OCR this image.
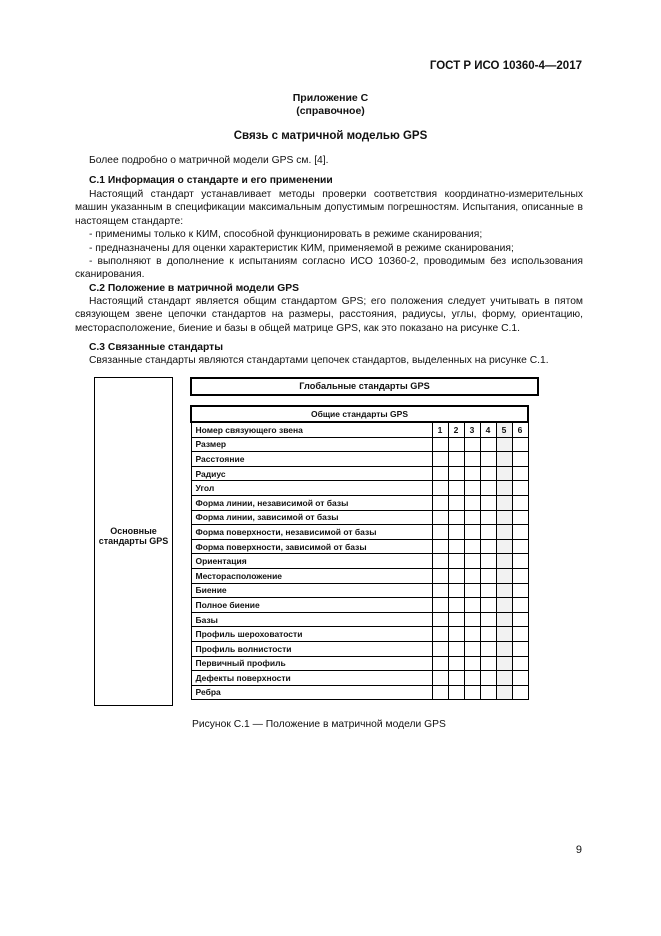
ГОСТ Р ИСО 10360-4—2017
Приложение С
(справочное)
Связь с матричной моделью GPS
Более подробно о матричной модели GPS см. [4].
С.1 Информация о стандарте и его применении
Настоящий стандарт устанавливает методы проверки соответствия координатно-измерительных машин указанным в спецификации максимальным допустимым погрешностям. Испытания, описанные в настоящем стандарте:
- применимы только к КИМ, способной функционировать в режиме сканирования;
- предназначены для оценки характеристик КИМ, применяемой в режиме сканирования;
- выполняют в дополнение к испытаниям согласно ИСО 10360-2, проводимым без использования сканирования.
С.2 Положение в матричной модели GPS
Настоящий стандарт является общим стандартом GPS; его положения следует учитывать в пятом связующем звене цепочки стандартов на размеры, расстояния, радиусы, углы, форму, ориентацию, месторасположение, биение и базы в общей матрице GPS, как это показано на рисунке С.1.
С.3 Связанные стандарты
Связанные стандарты являются стандартами цепочек стандартов, выделенных на рисунке С.1.
Основные стандарты GPS
Глобальные стандарты GPS
Общие стандарты GPS						
Номер связующего звена	1	2	3	4	5	6
Размер						
Расстояние						
Радиус						
Угол						
Форма линии, независимой от базы						
Форма линии, зависимой от базы						
Форма поверхности, независимой от базы						
Форма поверхности, зависимой от базы						
Ориентация						
Месторасположение						
Биение						
Полное биение						
Базы						
Профиль шероховатости						
Профиль волнистости						
Первичный профиль						
Дефекты поверхности						
Ребра						
Рисунок С.1 — Положение в матричной модели GPS
9
